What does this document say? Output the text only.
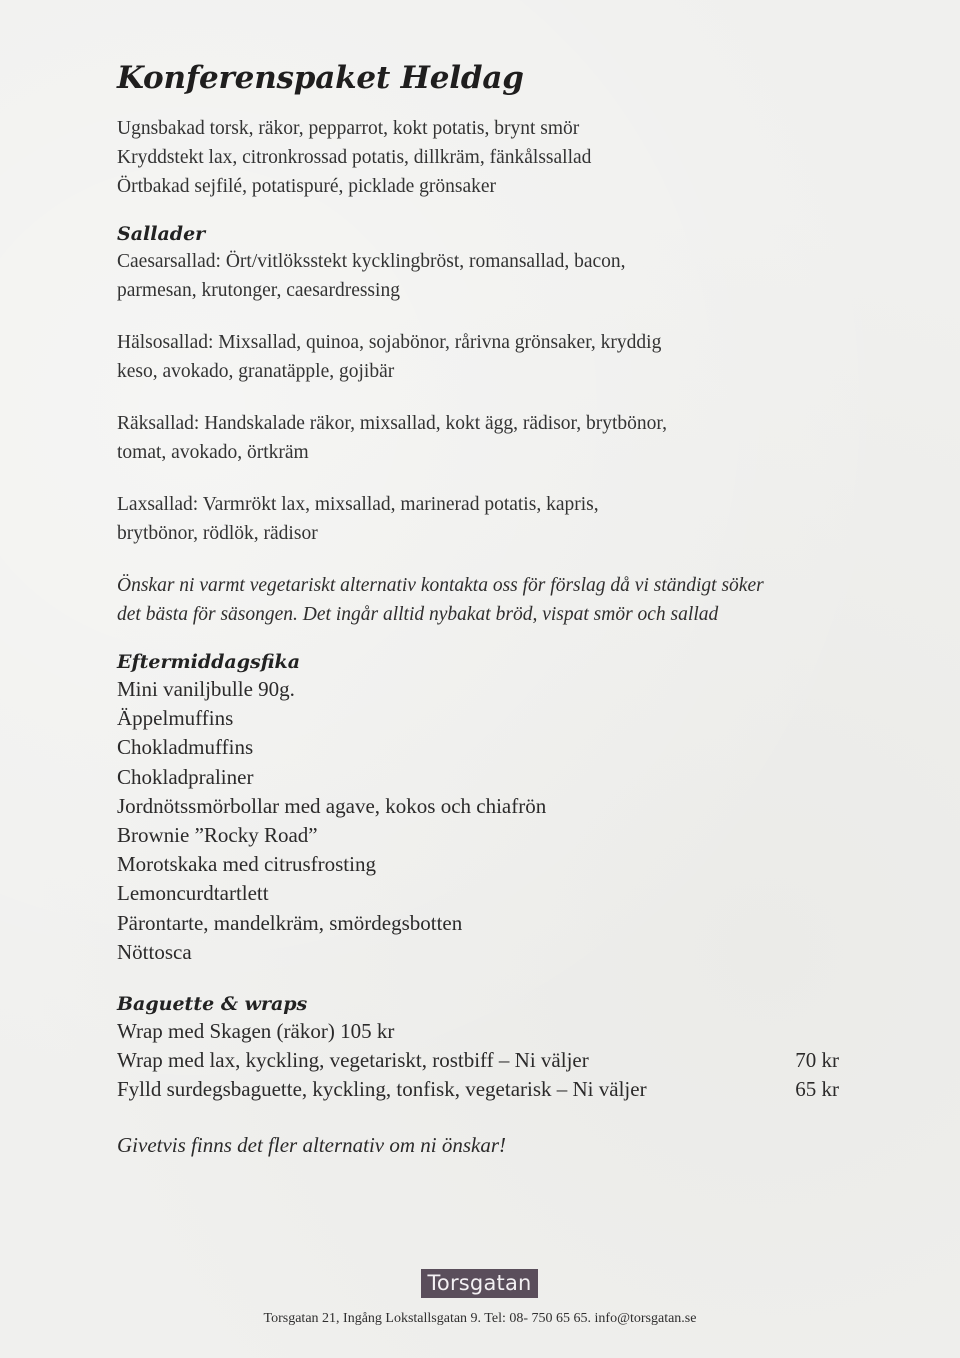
Konferenspaket Heldag

Ugnsbakad torsk, räkor, pepparrot, kokt potatis, brynt smör

Kryddstekt lax, citronkrossad potatis, dillkräm, fänkålssallad

Örtbakad sejfilé, potatispuré, picklade grönsaker

Sallader

Caesarsallad: Ört/vitlöksstekt kycklingbröst, romansallad, bacon,

parmesan, krutonger, caesardressing

Hälsosallad: Mixsallad, quinoa, sojabönor, rårivna grönsaker, kryddig

keso, avokado, granatäpple, gojibär

Räksallad: Handskalade räkor, mixsallad, kokt ägg, rädisor, brytbönor,

tomat, avokado, örtkräm

Laxsallad: Varmrökt lax, mixsallad, marinerad potatis, kapris,

brytbönor, rödlök, rädisor

Önskar ni varmt vegetariskt alternativ kontakta oss för förslag då vi ständigt söker

det bästa för säsongen. Det ingår alltid nybakat bröd, vispat smör och sallad

Eftermiddagsfika

Mini vaniljbulle 90g.

Äppelmuffins

Chokladmuffins

Chokladpraliner

Jordnötssmörbollar med agave, kokos och chiafrön

Brownie ”Rocky Road”

Morotskaka med citrusfrosting

Lemoncurdtartlett

Pärontarte, mandelkräm, smördegsbotten

Nöttosca

Baguette & wraps
Wrap med Skagen (räkor) 105 kr
Wrap med lax, kyckling, vegetariskt, rostbiff – Ni väljer	70 kr
Fylld surdegsbaguette, kyckling, tonfisk, vegetarisk – Ni väljer	65 kr

Givetvis finns det fler alternativ om ni önskar!

Torsgatan
Torsgatan 21, Ingång Lokstallsgatan 9. Tel: 08- 750 65 65. info@torsgatan.se
